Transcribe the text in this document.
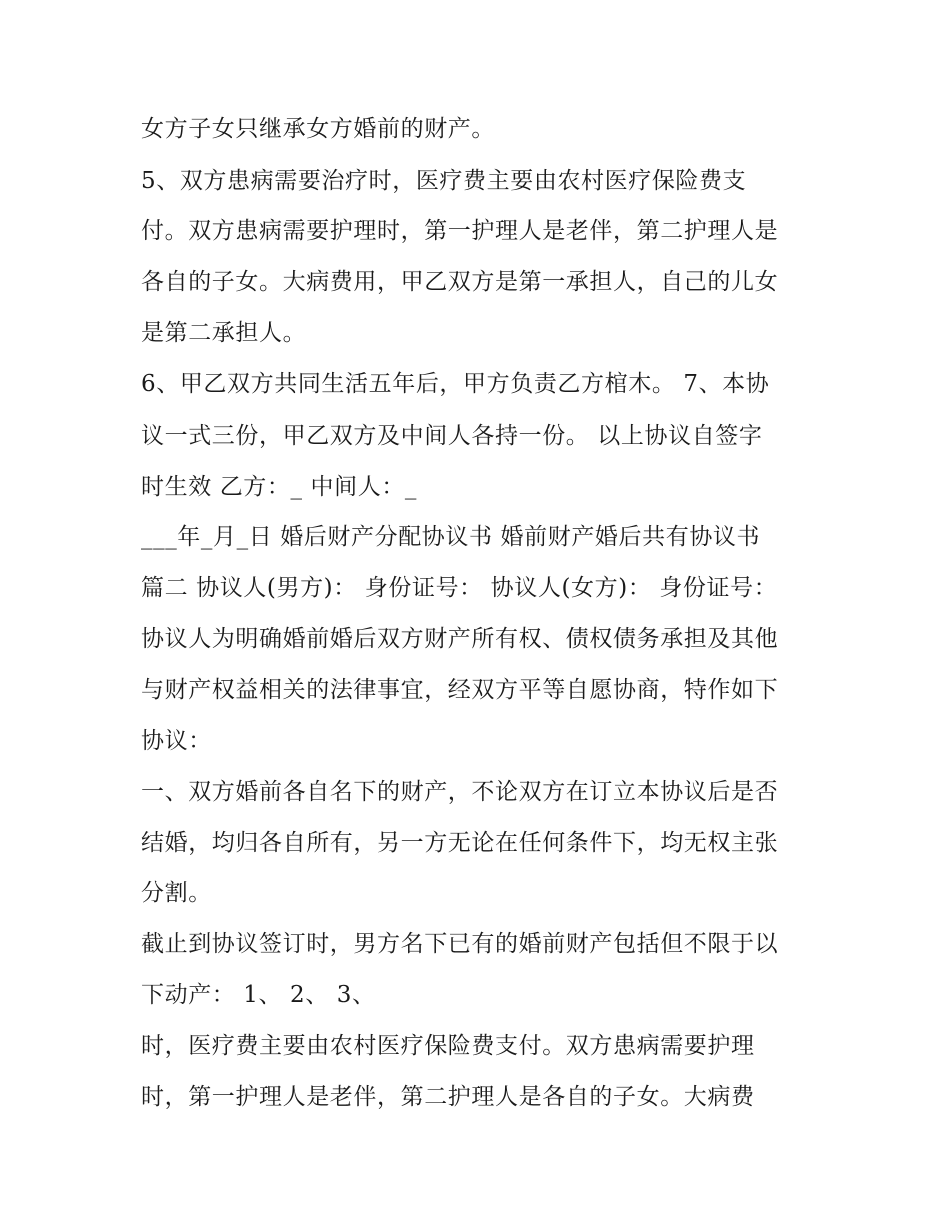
女方子女只继承女方婚前的财产。
5、双方患病需要治疗时，医疗费主要由农村医疗保险费支
付。双方患病需要护理时，第一护理人是老伴，第二护理人是
各自的子女。大病费用，甲乙双方是第一承担人，自己的儿女
是第二承担人。
6、甲乙双方共同生活五年后，甲方负责乙方棺木。 7、本协
议一式三份，甲乙双方及中间人各持一份。 以上协议自签字
时生效 乙方：_ 中间人：_
___年_月_日 婚后财产分配协议书 婚前财产婚后共有协议书
篇二 协议人(男方)： 身份证号： 协议人(女方)： 身份证号：
协议人为明确婚前婚后双方财产所有权、债权债务承担及其他
与财产权益相关的法律事宜，经双方平等自愿协商，特作如下
协议：
一、双方婚前各自名下的财产，不论双方在订立本协议后是否
结婚，均归各自所有，另一方无论在任何条件下，均无权主张
分割。
截止到协议签订时，男方名下已有的婚前财产包括但不限于以
下动产： 1、 2、 3、
时，医疗费主要由农村医疗保险费支付。双方患病需要护理
时，第一护理人是老伴，第二护理人是各自的子女。大病费
